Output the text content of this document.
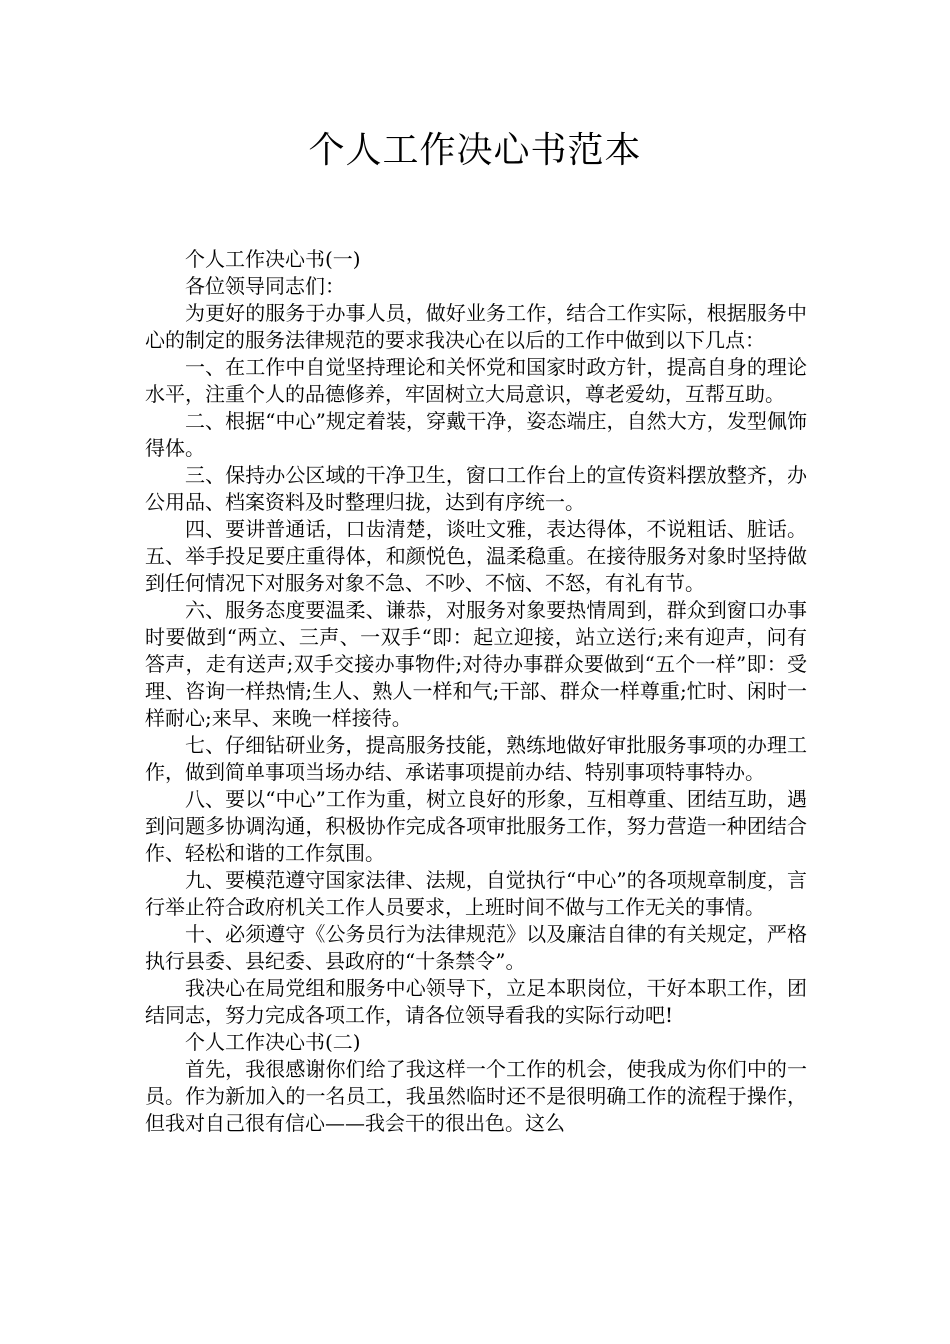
个人工作决心书范本

个人工作决心书(一)

各位领导同志们：

为更好的服务于办事人员，做好业务工作，结合工作实际，根据服务中心的制定的服务法律规范的要求我决心在以后的工作中做到以下几点：

一、在工作中自觉坚持理论和关怀党和国家时政方针，提高自身的理论水平，注重个人的品德修养，牢固树立大局意识，尊老爱幼，互帮互助。

二、根据“中心”规定着装，穿戴干净，姿态端庄，自然大方，发型佩饰得体。

三、保持办公区域的干净卫生，窗口工作台上的宣传资料摆放整齐，办公用品、档案资料及时整理归拢，达到有序统一。

四、要讲普通话，口齿清楚，谈吐文雅，表达得体，不说粗话、脏话。 五、举手投足要庄重得体，和颜悦色，温柔稳重。在接待服务对象时坚持做到任何情况下对服务对象不急、不吵、不恼、不怒，有礼有节。

六、服务态度要温柔、谦恭，对服务对象要热情周到，群众到窗口办事时要做到“两立、三声、一双手“即：起立迎接，站立送行;来有迎声，问有答声，走有送声;双手交接办事物件;对待办事群众要做到“五个一样”即：受理、咨询一样热情;生人、熟人一样和气;干部、群众一样尊重;忙时、闲时一样耐心;来早、来晚一样接待。

七、仔细钻研业务，提高服务技能，熟练地做好审批服务事项的办理工作，做到简单事项当场办结、承诺事项提前办结、特别事项特事特办。

八、要以“中心”工作为重，树立良好的形象，互相尊重、团结互助，遇到问题多协调沟通，积极协作完成各项审批服务工作，努力营造一种团结合作、轻松和谐的工作氛围。

九、要模范遵守国家法律、法规，自觉执行“中心”的各项规章制度，言行举止符合政府机关工作人员要求，上班时间不做与工作无关的事情。

十、必须遵守《公务员行为法律规范》以及廉洁自律的有关规定，严格执行县委、县纪委、县政府的“十条禁令”。

我决心在局党组和服务中心领导下，立足本职岗位，干好本职工作，团结同志，努力完成各项工作，请各位领导看我的实际行动吧!

个人工作决心书(二)

首先，我很感谢你们给了我这样一个工作的机会，使我成为你们中的一员。作为新加入的一名员工，我虽然临时还不是很明确工作的流程于操作，但我对自己很有信心——我会干的很出色。这么
